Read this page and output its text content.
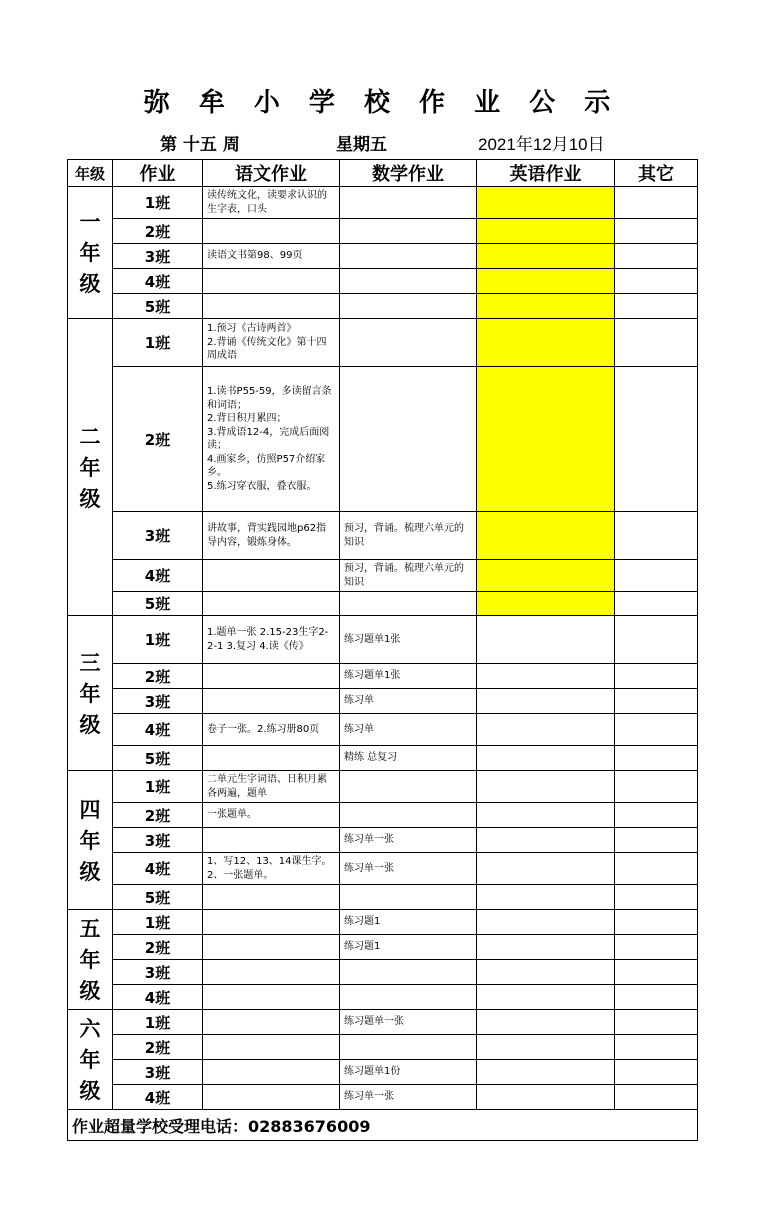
弥 牟 小 学 校 作 业 公 示
第 十五 周	星期五	2021年12月10日
年级	作业	语文作业	数学作业	英语作业	其它
一年级	1班	读传统文化，读要求认识的生字表，口头			

	2班	

	3班	读语文书第98、99页			

	4班	

	5班	

二年级	1班	1.预习《古诗两首》
2.背诵《传统文化》第十四周成语			

	2班	1.读书P55-59，多读留言条和词语；
2.背日积月累四；
3.背成语12-4，完成后面阅读；
4.画家乡，仿照P57介绍家乡。
5.练习穿衣服，叠衣服。			

	3班	讲故事，背实践园地p62指导内容，锻炼身体。	预习，背诵。梳理六单元的知识		

	4班		预习，背诵。梳理六单元的知识		

	5班	

三年级	1班	1.题单一张 2.15-23生字2-2-1 3.复习 4.读《传》	练习题单1张		

	2班		练习题单1张		

	3班		练习单		

	4班	卷子一张。2.练习册80页	练习单		

	5班		精练 总复习		

四年级	1班	二单元生字词语、日积月累各两遍，题单			

	2班	一张题单。			

	3班		练习单一张		

	4班	1、写12、13、14课生字。2、一张题单。	练习单一张		

	5班	

五年级	1班		练习题1		

	2班		练习题1		

	3班	

	4班	

六年级	1班		练习题单一张		

	2班	

	3班		练习题单1份		

	4班		练习单一张		

作业超量学校受理电话：02883676009					
